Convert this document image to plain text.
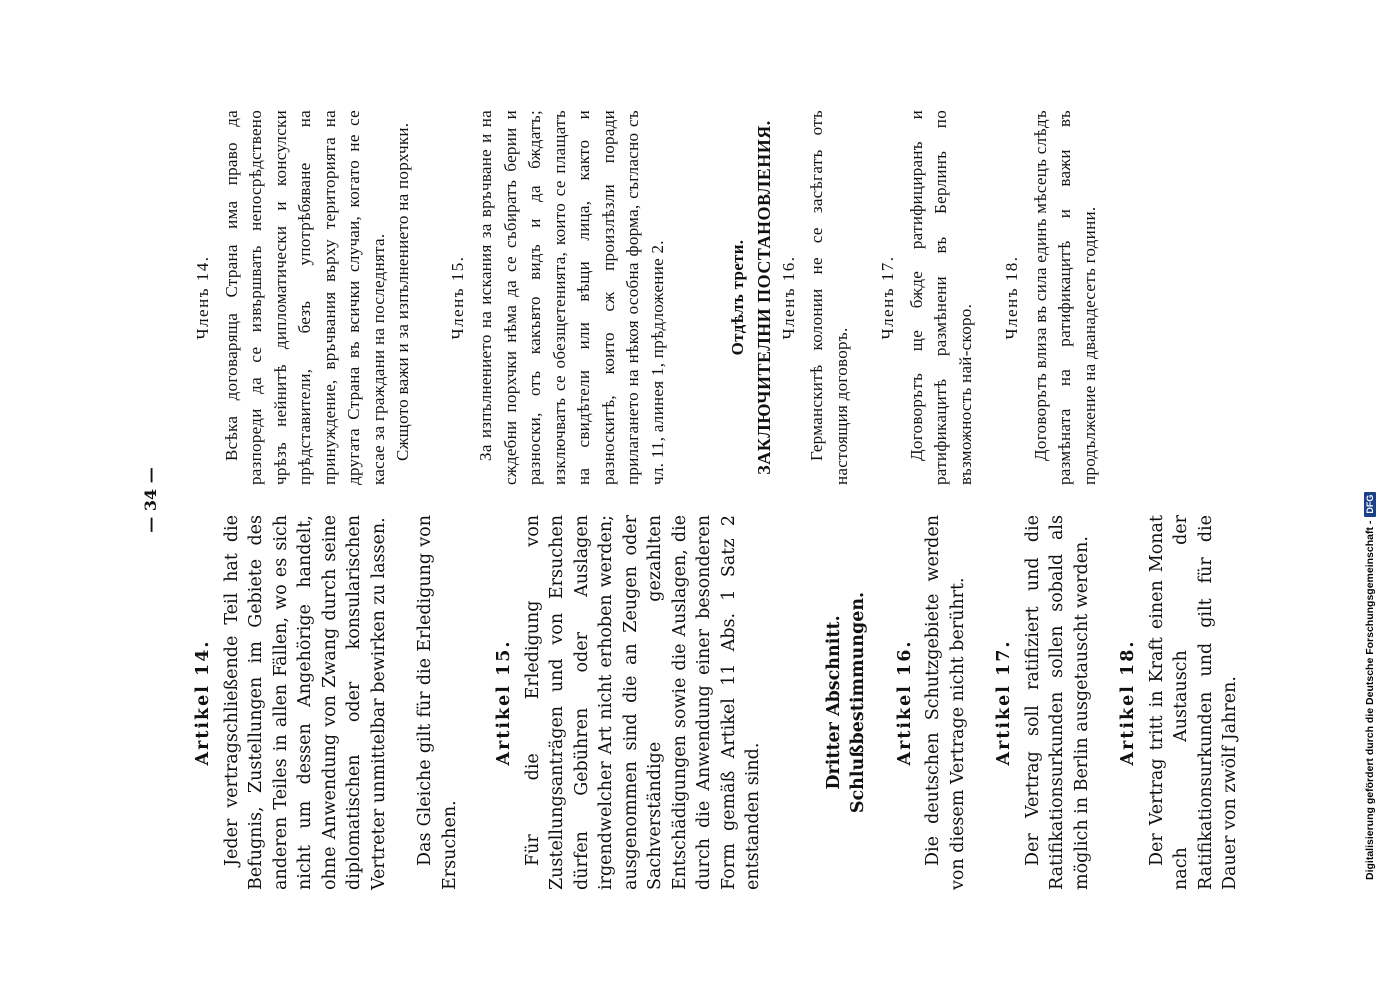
— 34 —
Artikel 14. Jeder vertragschließende Teil hat die Befugnis, Zustellungen im Gebiete des anderen Teiles in allen Fällen, wo es sich nicht um dessen Angehörige handelt, ohne Anwendung von Zwang durch seine diplomatischen oder konsularischen Vertreter unmittelbar bewirken zu lassen. Das Gleiche gilt für die Erledigung von Ersuchen.

Artikel 15. Für die Erledigung von Zustellungsanträgen und von Ersuchen dürfen Gebühren oder Auslagen irgendwelcher Art nicht erhoben werden; ausgenommen sind die an Zeugen oder Sachverständige gezahlten Entschädigungen sowie die Auslagen, die durch die Anwendung einer besonderen Form gemäß Artikel 11 Abs. 1 Satz 2 entstanden sind.

Dritter Abschnitt. Schlußbestimmungen. Artikel 16. Die deutschen Schutzgebiete werden von diesem Vertrage nicht berührt. Artikel 17. Der Vertrag soll ratifiziert und die Ratifikationsurkunden sollen sobald als möglich in Berlin ausgetauscht werden. Artikel 18. Der Vertrag tritt in Kraft einen Monat nach Austausch der Ratifikationsurkunden und gilt für die Dauer von zwölf Jahren.

Членъ 14. Всѣка договаряща Страна има право да разпореди да се извършвать непосрѣдствено чрѣзъ нейнитѣ дипломатически и консулски прѣдставители, безъ употрѣбяване на принуждение, връчвания върху територията на другата Страна въ всички случаи, когато не се касае за граждани на последнята. Сжщото важи и за изпълнението на порхчки. Членъ 15. За изпълнението на искания за връчване и на сждебни порхчки нѣма да се събиратъ берии и разноски, отъ какъвто видъ и да бждатъ; изключватъ се обезщетенията, които се плащатъ на свидѣтели или вѣщи лица, както и разноскитѣ, които сж произлѣзли поради прилагането на нѣкоя особна форма, съгласно съ чл. 11, алинея 1, прѣдложение 2.	Отдѣлъ трети. ЗАКЛЮЧИТЕЛНИ ПОСТАНОВЛЕНИЯ. Членъ 16. Германскитѣ колонии не се засѣгатъ отъ настоящия договоръ.

Членъ 17. Договорътъ ще бжде ратифициранъ и ратификацитѣ размѣнени въ Берлинъ по възможность най-скоро.

Членъ 18. Договорътъ влиза въ сила единъ мѣсецъ слѣдъ размѣната на ратификацитѣ и важи въ продължение на дванадесеть години.

Digitalisierung gefördert durch die Deutsche Forschungsgemeinschaft -DFG
